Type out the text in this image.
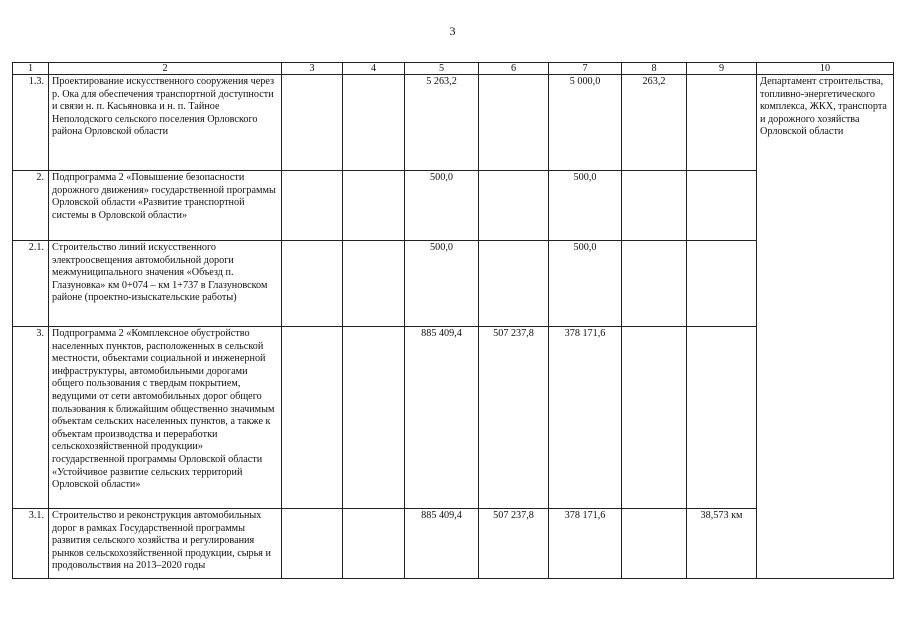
3
1	2	3	4	5	6	7	8	9	10
1.3.	Проектирование искусственного сооружения через р. Ока для обеспечения транспортной доступности и связи н. п. Касьяновка и н. п. Тайное Неполодского сельского поселения Орловского района Орловской области			5 263,2		5 000,0	263,2		Департамент строительства, топливно-энергетического комплекса, ЖКХ, транспорта и дорожного хозяйства Орловской области
2.	Подпрограмма 2 «Повышение безопасности дорожного движения» государственной программы Орловской области «Развитие транспортной системы в Орловской области»			500,0		500,0			
2.1.	Строительство линий искусственного электроосвещения автомобильной дороги межмуниципального значения «Объезд п. Глазуновка» км 0+074 – км 1+737 в Глазуновском районе (проектно-изыскательские работы)			500,0		500,0			
3.	Подпрограмма 2 «Комплексное обустройство населенных пунктов, расположенных в сельской местности, объектами социальной и инженерной инфраструктуры, автомобильными дорогами общего пользования с твердым покрытием, ведущими от сети автомобильных дорог общего пользования к ближайшим общественно значимым объектам сельских населенных пунктов, а также к объектам производства и переработки сельскохозяйственной продукции» государственной программы Орловской области «Устойчивое развитие сельских территорий Орловской области»			885 409,4	507 237,8	378 171,6			
3.1.	Строительство и реконструкция автомобильных дорог в рамках Государственной программы развития сельского хозяйства и регулирования рынков сельскохозяйственной продукции, сырья и продовольствия на 2013–2020 годы			885 409,4	507 237,8	378 171,6		38,573 км	
